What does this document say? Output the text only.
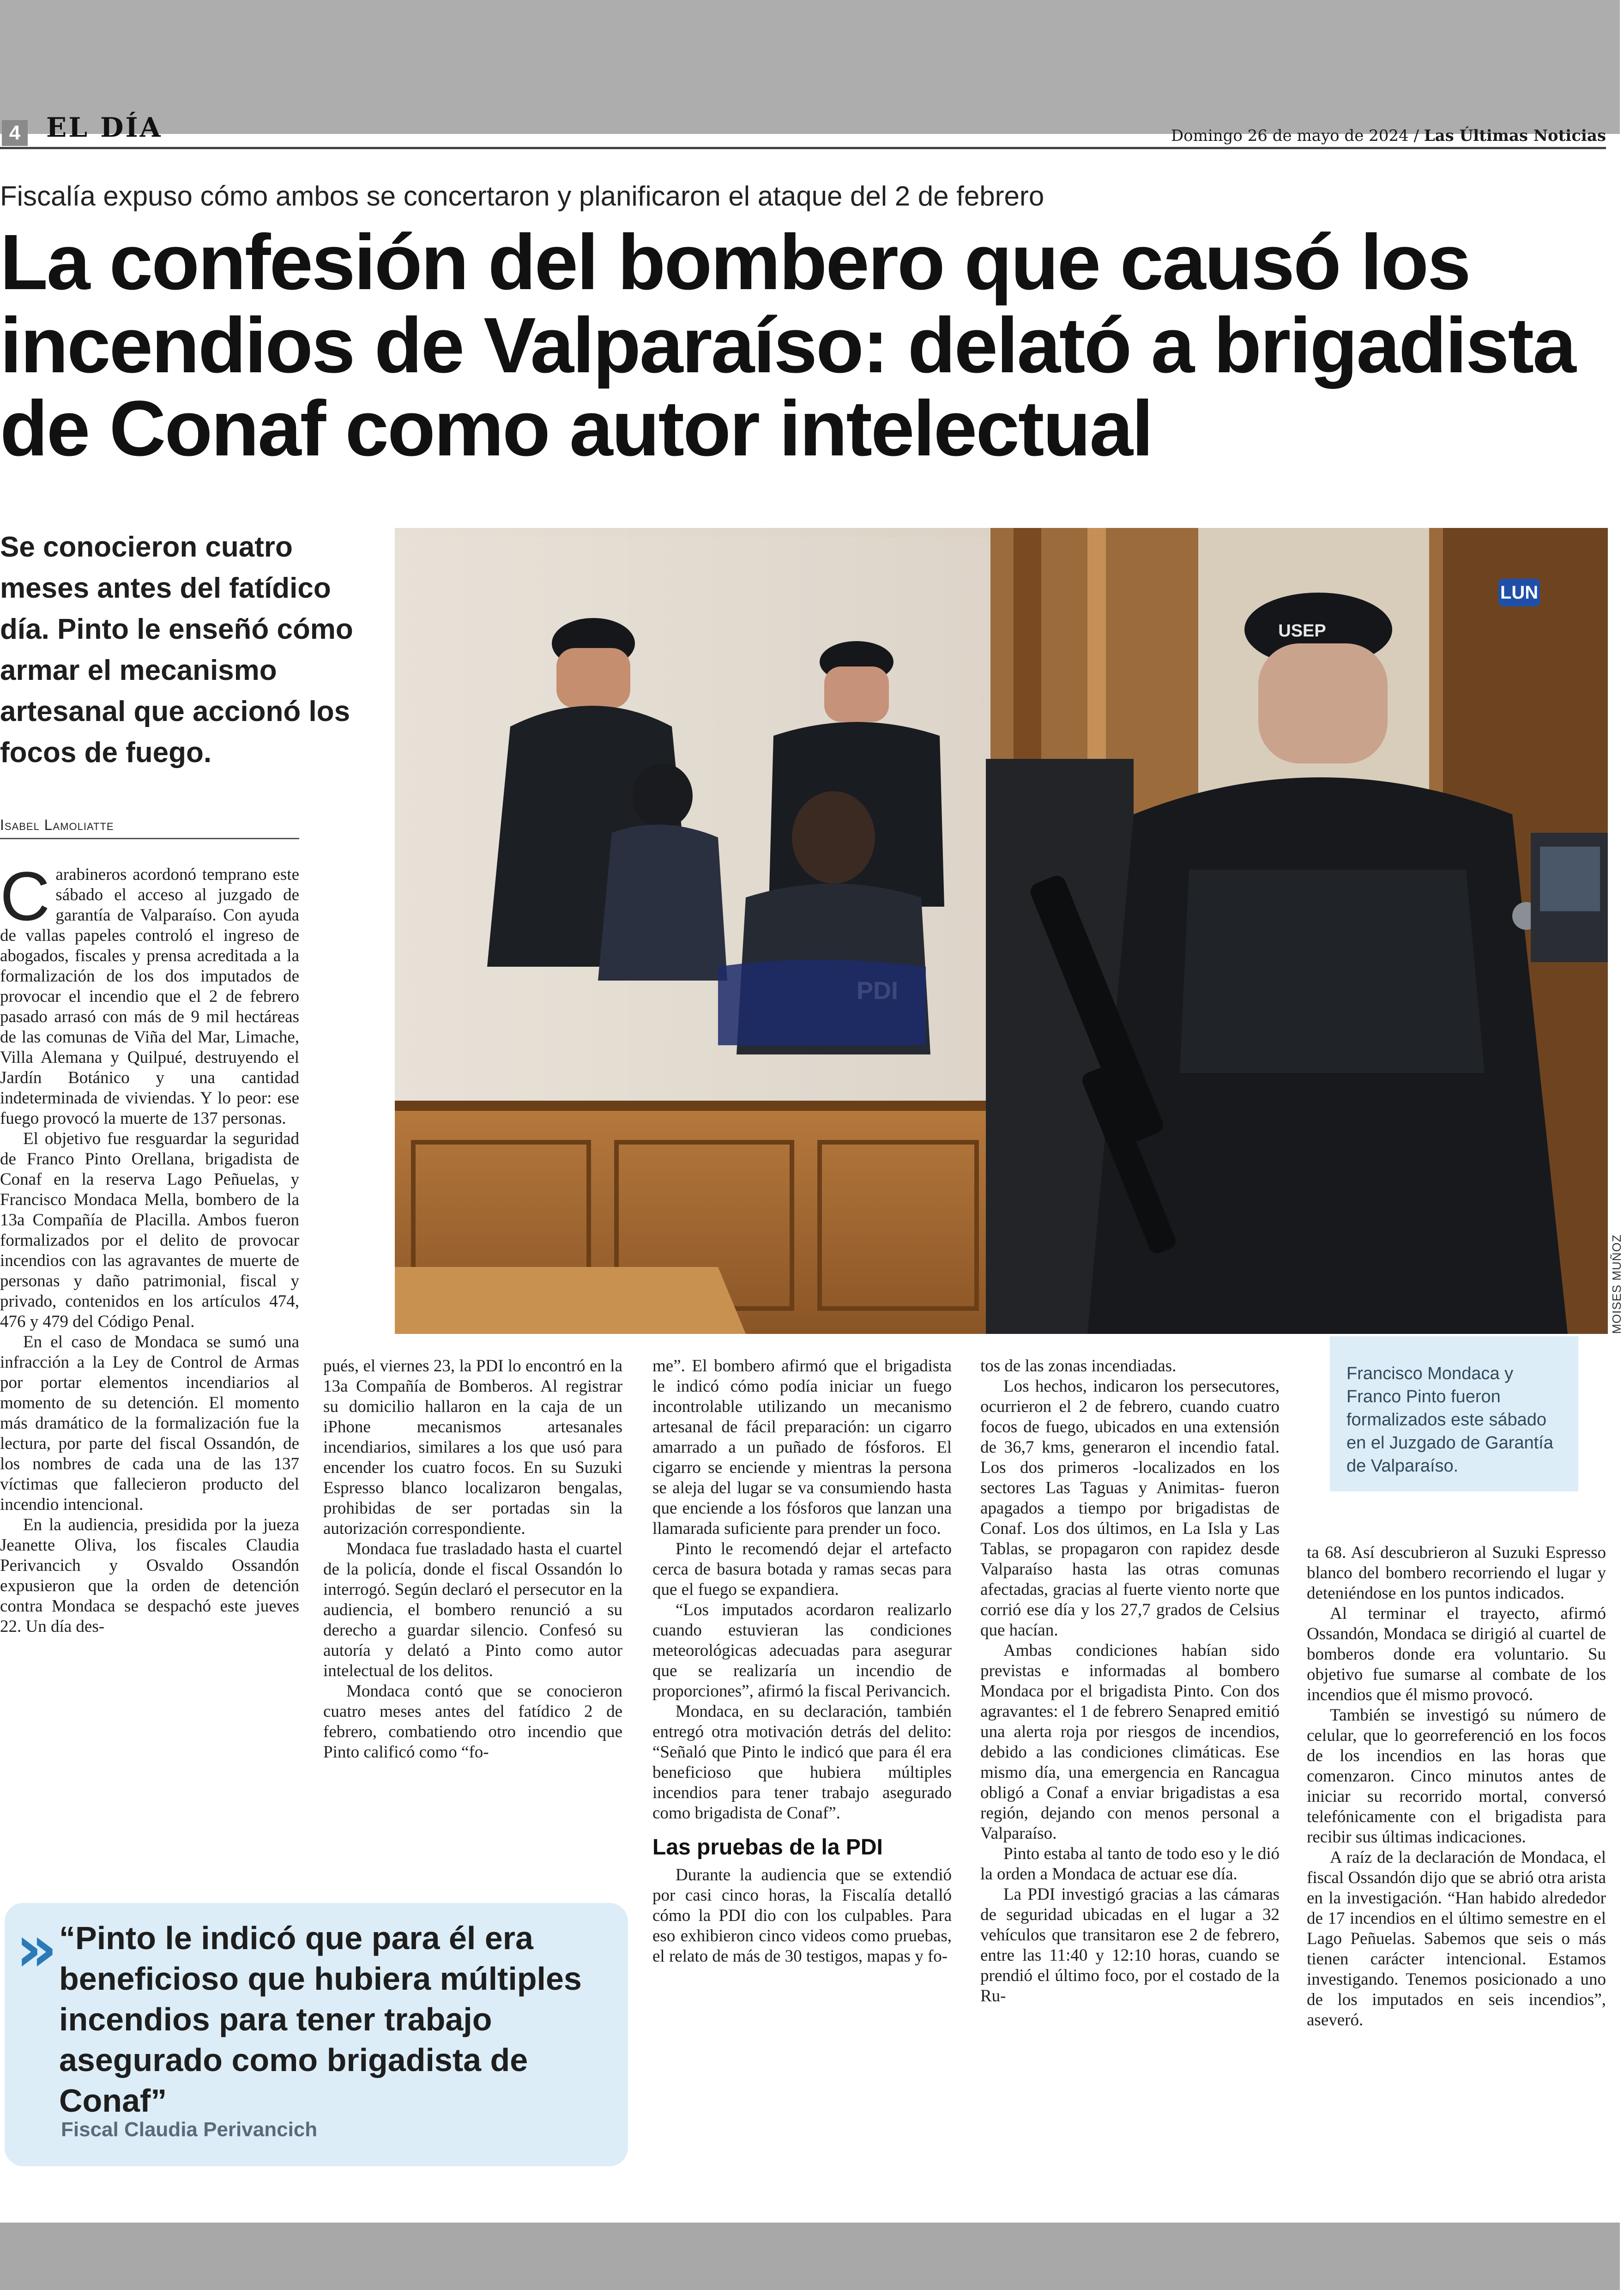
4 EL DÍA	Domingo 26 de mayo de 2024 / Las Últimas Noticias
Fiscalía expuso cómo ambos se concertaron y planificaron el ataque del 2 de febrero
La confesión del bombero que causó los incendios de Valparaíso: delató a brigadista de Conaf como autor intelectual

Se conocieron cuatro meses antes del fatídico día. Pinto le enseñó cómo armar el mecanismo artesanal que accionó los focos de fuego.

Isabel Lamoliatte
LUN
USEP
MOISES MUÑOZ

Francisco Mondaca y Franco Pinto fueron formalizados este sábado en el Juzgado de Garantía de Valparaíso.

Carabineros acordonó temprano este sábado el acceso al juzgado de garantía de Valparaíso. Con ayuda de vallas papeles controló el ingreso de abogados, fiscales y prensa acreditada a la formalización de los dos imputados de provocar el incendio que el 2 de febrero pasado arrasó con más de 9 mil hectáreas de las comunas de Viña del Mar, Limache, Villa Alemana y Quilpué, destruyendo el Jardín Botánico y una cantidad indeterminada de viviendas. Y lo peor: ese fuego provocó la muerte de 137 personas.

El objetivo fue resguardar la seguridad de Franco Pinto Orellana, brigadista de Conaf en la reserva Lago Peñuelas, y Francisco Mondaca Mella, bombero de la 13a Compañía de Placilla. Ambos fueron formalizados por el delito de provocar incendios con las agravantes de muerte de personas y daño patrimonial, fiscal y privado, contenidos en los artículos 474, 476 y 479 del Código Penal.

En el caso de Mondaca se sumó una infracción a la Ley de Control de Armas por portar elementos incendiarios al momento de su detención. El momento más dramático de la formalización fue la lectura, por parte del fiscal Ossandón, de los nombres de cada una de las 137 víctimas que fallecieron producto del incendio intencional.

En la audiencia, presidida por la jueza Jeanette Oliva, los fiscales Claudia Perivancich y Osvaldo Ossandón expusieron que la orden de detención contra Mondaca se despachó este jueves 22. Un día des-

pués, el viernes 23, la PDI lo encontró en la 13a Compañía de Bomberos. Al registrar su domicilio hallaron en la caja de un iPhone mecanismos artesanales incendiarios, similares a los que usó para encender los cuatro focos. En su Suzuki Espresso blanco localizaron bengalas, prohibidas de ser portadas sin la autorización correspondiente.

Mondaca fue trasladado hasta el cuartel de la policía, donde el fiscal Ossandón lo interrogó. Según declaró el persecutor en la audiencia, el bombero renunció a su derecho a guardar silencio. Confesó su autoría y delató a Pinto como autor intelectual de los delitos.

Mondaca contó que se conocieron cuatro meses antes del fatídico 2 de febrero, combatiendo otro incendio que Pinto calificó como “fo-

me”. El bombero afirmó que el brigadista le indicó cómo podía iniciar un fuego incontrolable utilizando un mecanismo artesanal de fácil preparación: un cigarro amarrado a un puñado de fósforos. El cigarro se enciende y mientras la persona se aleja del lugar se va consumiendo hasta que enciende a los fósforos que lanzan una llamarada suficiente para prender un foco.

Pinto le recomendó dejar el artefacto cerca de basura botada y ramas secas para que el fuego se expandiera.

“Los imputados acordaron realizarlo cuando estuvieran las condiciones meteorológicas adecuadas para asegurar que se realizaría un incendio de proporciones”, afirmó la fiscal Perivancich.

Mondaca, en su declaración, también entregó otra motivación detrás del delito: “Señaló que Pinto le indicó que para él era beneficioso que hubiera múltiples incendios para tener trabajo asegurado como brigadista de Conaf”.

Las pruebas de la PDI

Durante la audiencia que se extendió por casi cinco horas, la Fiscalía detalló cómo la PDI dio con los culpables. Para eso exhibieron cinco videos como pruebas, el relato de más de 30 testigos, mapas y fo-

tos de las zonas incendiadas.

Los hechos, indicaron los persecutores, ocurrieron el 2 de febrero, cuando cuatro focos de fuego, ubicados en una extensión de 36,7 kms, generaron el incendio fatal. Los dos primeros -localizados en los sectores Las Taguas y Animitas- fueron apagados a tiempo por brigadistas de Conaf. Los dos últimos, en La Isla y Las Tablas, se propagaron con rapidez desde Valparaíso hasta las otras comunas afectadas, gracias al fuerte viento norte que corrió ese día y los 27,7 grados de Celsius que hacían.

Ambas condiciones habían sido previstas e informadas al bombero Mondaca por el brigadista Pinto. Con dos agravantes: el 1 de febrero Senapred emitió una alerta roja por riesgos de incendios, debido a las condiciones climáticas. Ese mismo día, una emergencia en Rancagua obligó a Conaf a enviar brigadistas a esa región, dejando con menos personal a Valparaíso.

Pinto estaba al tanto de todo eso y le dió la orden a Mondaca de actuar ese día.

La PDI investigó gracias a las cámaras de seguridad ubicadas en el lugar a 32 vehículos que transitaron ese 2 de febrero, entre las 11:40 y 12:10 horas, cuando se prendió el último foco, por el costado de la Ru-

ta 68. Así descubrieron al Suzuki Espresso blanco del bombero recorriendo el lugar y deteniéndose en los puntos indicados.

Al terminar el trayecto, afirmó Ossandón, Mondaca se dirigió al cuartel de bomberos donde era voluntario. Su objetivo fue sumarse al combate de los incendios que él mismo provocó.

También se investigó su número de celular, que lo georreferenció en los focos de los incendios en las horas que comenzaron. Cinco minutos antes de iniciar su recorrido mortal, conversó telefónicamente con el brigadista para recibir sus últimas indicaciones.

A raíz de la declaración de Mondaca, el fiscal Ossandón dijo que se abrió otra arista en la investigación. “Han habido alrededor de 17 incendios en el último semestre en el Lago Peñuelas. Sabemos que seis o más tienen carácter intencional. Estamos investigando. Tenemos posicionado a uno de los imputados en seis incendios”, aseveró.

» “Pinto le indicó que para él era beneficioso que hubiera múltiples incendios para tener trabajo asegurado como brigadista de Conaf”

Fiscal Claudia Perivancich
